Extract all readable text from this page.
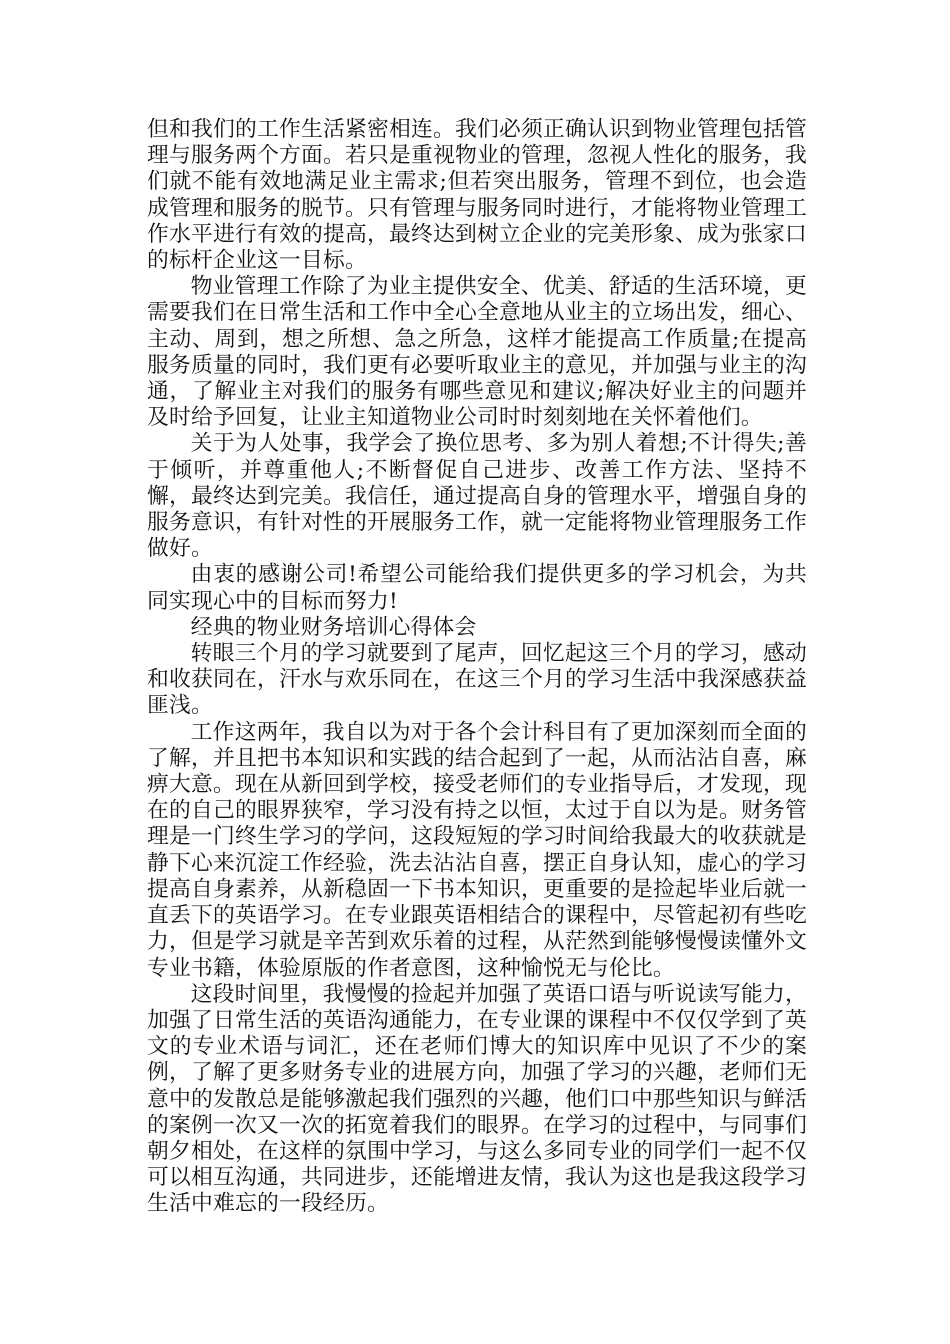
但和我们的工作生活紧密相连。我们必须正确认识到物业管理包括管理与服务两个方面。若只是重视物业的管理，忽视人性化的服务，我们就不能有效地满足业主需求;但若突出服务，管理不到位，也会造成管理和服务的脱节。只有管理与服务同时进行，才能将物业管理工作水平进行有效的提高，最终达到树立企业的完美形象、成为张家口的标杆企业这一目标。

物业管理工作除了为业主提供安全、优美、舒适的生活环境，更需要我们在日常生活和工作中全心全意地从业主的立场出发，细心、主动、周到，想之所想、急之所急，这样才能提高工作质量;在提高服务质量的同时，我们更有必要听取业主的意见，并加强与业主的沟通，了解业主对我们的服务有哪些意见和建议;解决好业主的问题并及时给予回复，让业主知道物业公司时时刻刻地在关怀着他们。

关于为人处事，我学会了换位思考、多为别人着想;不计得失;善于倾听，并尊重他人;不断督促自己进步、改善工作方法、坚持不懈，最终达到完美。我信任，通过提高自身的管理水平，增强自身的服务意识，有针对性的开展服务工作，就一定能将物业管理服务工作做好。

由衷的感谢公司!希望公司能给我们提供更多的学习机会，为共同实现心中的目标而努力!

经典的物业财务培训心得体会

转眼三个月的学习就要到了尾声，回忆起这三个月的学习，感动和收获同在，汗水与欢乐同在，在这三个月的学习生活中我深感获益匪浅。

工作这两年，我自以为对于各个会计科目有了更加深刻而全面的了解，并且把书本知识和实践的结合起到了一起，从而沾沾自喜，麻痹大意。现在从新回到学校，接受老师们的专业指导后，才发现，现在的自己的眼界狭窄，学习没有持之以恒，太过于自以为是。财务管理是一门终生学习的学问，这段短短的学习时间给我最大的收获就是静下心来沉淀工作经验，洗去沾沾自喜，摆正自身认知，虚心的学习提高自身素养，从新稳固一下书本知识，更重要的是捡起毕业后就一直丢下的英语学习。在专业跟英语相结合的课程中，尽管起初有些吃力，但是学习就是辛苦到欢乐着的过程，从茫然到能够慢慢读懂外文专业书籍，体验原版的作者意图，这种愉悦无与伦比。

这段时间里，我慢慢的捡起并加强了英语口语与听说读写能力，加强了日常生活的英语沟通能力，在专业课的课程中不仅仅学到了英文的专业术语与词汇，还在老师们博大的知识库中见识了不少的案例，了解了更多财务专业的进展方向，加强了学习的兴趣，老师们无意中的发散总是能够激起我们强烈的兴趣，他们口中那些知识与鲜活的案例一次又一次的拓宽着我们的眼界。在学习的过程中，与同事们朝夕相处，在这样的氛围中学习，与这么多同专业的同学们一起不仅可以相互沟通，共同进步，还能增进友情，我认为这也是我这段学习生活中难忘的一段经历。
